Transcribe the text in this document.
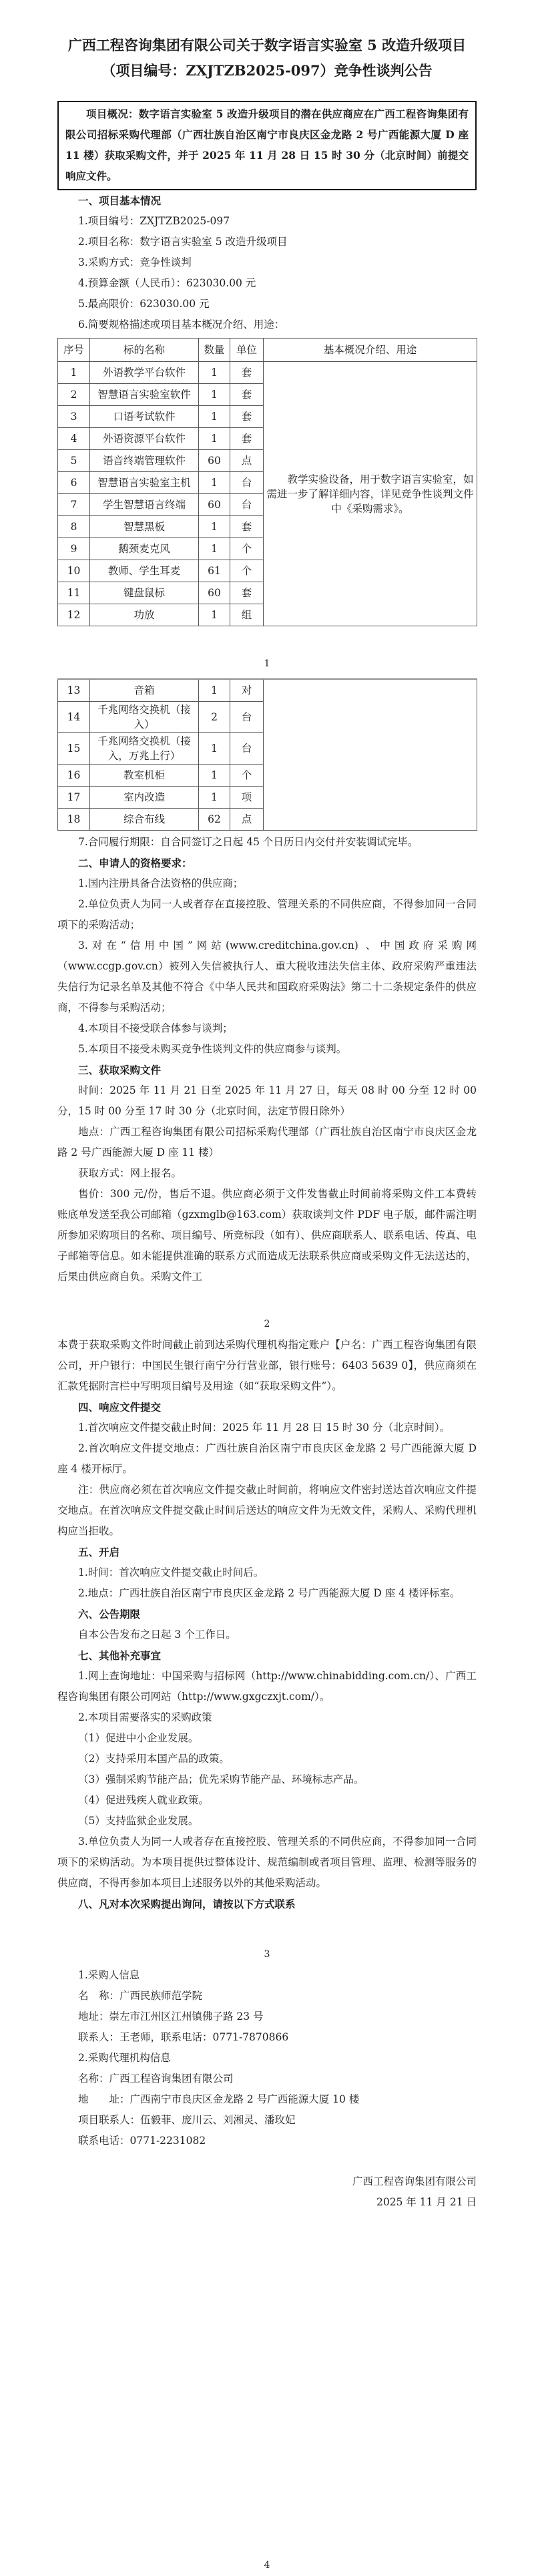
广西工程咨询集团有限公司关于数字语言实验室 5 改造升级项目
（项目编号：ZXJTZB2025-097）竞争性谈判公告

项目概况：数字语言实验室 5 改造升级项目的潜在供应商应在广西工程咨询集团有限公司招标采购代理部（广西壮族自治区南宁市良庆区金龙路 2 号广西能源大厦 D 座 11 楼）获取采购文件，并于 2025 年 11 月 28 日 15 时 30 分（北京时间）前提交响应文件。

一、项目基本情况

1.项目编号：ZXJTZB2025-097

2.项目名称：数字语言实验室 5 改造升级项目

3.采购方式：竞争性谈判

4.预算金额（人民币）：623030.00 元

5.最高限价：623030.00 元

6.简要规格描述或项目基本概况介绍、用途：

序号	标的名称	数量	单位	基本概况介绍、用途
1	外语教学平台软件	1	套	教学实验设备，用于数字语言实验室，如需进一步了解详细内容，详见竞争性谈判文件中《采购需求》。

2	智慧语言实验室软件	1	套	
3	口语考试软件	1	套	
4	外语资源平台软件	1	套	
5	语音终端管理软件	60	点	
6	智慧语言实验室主机	1	台	
7	学生智慧语言终端	60	台	
8	智慧黑板	1	套	
9	鹅颈麦克风	1	个	
10	教师、学生耳麦	61	个	
11	键盘鼠标	60	套	
12	功放	1	组	
1
13	音箱	1	对	
14	千兆网络交换机（接入）	2	台	
15	千兆网络交换机（接入，万兆上行）	1	台	
16	教室机柜	1	个	
17	室内改造	1	项	
18	综合布线	62	点	

7.合同履行期限：自合同签订之日起 45 个日历日内交付并安装调试完毕。

二、申请人的资格要求：

1.国内注册具备合法资格的供应商；

2.单位负责人为同一人或者存在直接控股、管理关系的不同供应商，不得参加同一合同项下的采购活动；

3.对在“信用中国”网站(www.creditchina.gov.cn) 、中国政府采购网（www.ccgp.gov.cn）被列入失信被执行人、重大税收违法失信主体、政府采购严重违法失信行为记录名单及其他不符合《中华人民共和国政府采购法》第二十二条规定条件的供应商，不得参与采购活动；

4.本项目不接受联合体参与谈判；

5.本项目不接受未购买竞争性谈判文件的供应商参与谈判。

三、获取采购文件

时间：2025 年 11 月 21 日至 2025 年 11 月 27 日，每天 08 时 00 分至 12 时 00 分，15 时 00 分至 17 时 30 分（北京时间，法定节假日除外）

地点：广西工程咨询集团有限公司招标采购代理部（广西壮族自治区南宁市良庆区金龙路 2 号广西能源大厦 D 座 11 楼）

获取方式：网上报名。

售价：300 元/份，售后不退。供应商必须于文件发售截止时间前将采购文件工本费转账底单发送至我公司邮箱（gzxmglb@163.com）获取谈判文件 PDF 电子版，邮件需注明所参加采购项目的名称、项目编号、所竞标段（如有）、供应商联系人、联系电话、传真、电子邮箱等信息。如未能提供准确的联系方式而造成无法联系供应商或采购文件无法送达的，后果由供应商自负。采购文件工

2

本费于获取采购文件时间截止前到达采购代理机构指定账户【户名：广西工程咨询集团有限公司，开户银行：中国民生银行南宁分行营业部，银行账号：6403 5639 0】，供应商须在汇款凭据附言栏中写明项目编号及用途（如“获取采购文件”）。

四、响应文件提交

1.首次响应文件提交截止时间：2025 年 11 月 28 日 15 时 30 分（北京时间）。

2.首次响应文件提交地点：广西壮族自治区南宁市良庆区金龙路 2 号广西能源大厦 D 座 4 楼开标厅。

注：供应商必须在首次响应文件提交截止时间前，将响应文件密封送达首次响应文件提交地点。在首次响应文件提交截止时间后送达的响应文件为无效文件，采购人、采购代理机构应当拒收。

五、开启

1.时间：首次响应文件提交截止时间后。

2.地点：广西壮族自治区南宁市良庆区金龙路 2 号广西能源大厦 D 座 4 楼评标室。

六、公告期限

自本公告发布之日起 3 个工作日。

七、其他补充事宜

1.网上查询地址：中国采购与招标网（http://www.chinabidding.com.cn/）、广西工程咨询集团有限公司网站（http://www.gxgczxjt.com/）。

2.本项目需要落实的采购政策

（1）促进中小企业发展。

（2）支持采用本国产品的政策。

（3）强制采购节能产品；优先采购节能产品、环境标志产品。

（4）促进残疾人就业政策。

（5）支持监狱企业发展。

3.单位负责人为同一人或者存在直接控股、管理关系的不同供应商，不得参加同一合同项下的采购活动。为本项目提供过整体设计、规范编制或者项目管理、监理、检测等服务的供应商，不得再参加本项目上述服务以外的其他采购活动。

八、凡对本次采购提出询问，请按以下方式联系

3

1.采购人信息

名　称：广西民族师范学院

地址：崇左市江州区江州镇佛子路 23 号

联系人：王老师，联系电话：0771-7870866

2.采购代理机构信息

名称：广西工程咨询集团有限公司

地　　址：广西南宁市良庆区金龙路 2 号广西能源大厦 10 楼

项目联系人：伍毅菲、庞川云、刘湘灵、潘玫妃

联系电话：0771-2231082

广西工程咨询集团有限公司

2025 年 11 月 21 日

4
